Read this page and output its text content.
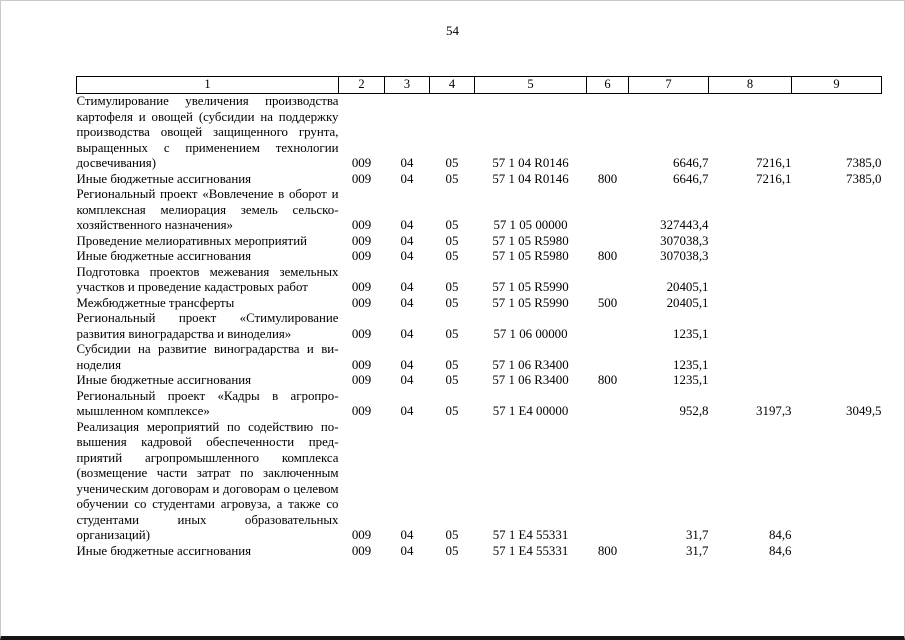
54
1	2	3	4	5	6	7	8	9
Стимулирование увеличения производства картофеля и овощей (субсидии на поддержку производства овощей защищенного грунта, выращенных с применением технологии досвечивания)	009	04	05	57 1 04 R0146		6646,7	7216,1	7385,0
Иные бюджетные ассигнования	009	04	05	57 1 04 R0146	800	6646,7	7216,1	7385,0
Региональный проект «Вовлечение в оборот и комплексная мелиорация земель сельскохозяйственного назначения»	009	04	05	57 1 05 00000		327443,4		
Проведение мелиоративных мероприятий	009	04	05	57 1 05 R5980		307038,3		
Иные бюджетные ассигнования	009	04	05	57 1 05 R5980	800	307038,3		
Подготовка проектов межевания земельных участков и проведение кадастровых работ	009	04	05	57 1 05 R5990		20405,1		
Межбюджетные трансферты	009	04	05	57 1 05 R5990	500	20405,1		
Региональный проект «Стимулирование развития виноградарства и виноделия»	009	04	05	57 1 06 00000		1235,1		
Субсидии на развитие виноградарства и виноделия	009	04	05	57 1 06 R3400		1235,1		
Иные бюджетные ассигнования	009	04	05	57 1 06 R3400	800	1235,1		
Региональный проект «Кадры в агропромышленном комплексе»	009	04	05	57 1 E4 00000		952,8	3197,3	3049,5
Реализация мероприятий по содействию повышения кадровой обеспеченности предприятий агропромышленного комплекса (возмещение части затрат по заключенным ученическим договорам и договорам о целевом обучении со студентами агровуза, а также со студентами иных образовательных организаций)	009	04	05	57 1 E4 55331		31,7	84,6	
Иные бюджетные ассигнования	009	04	05	57 1 E4 55331	800	31,7	84,6	
